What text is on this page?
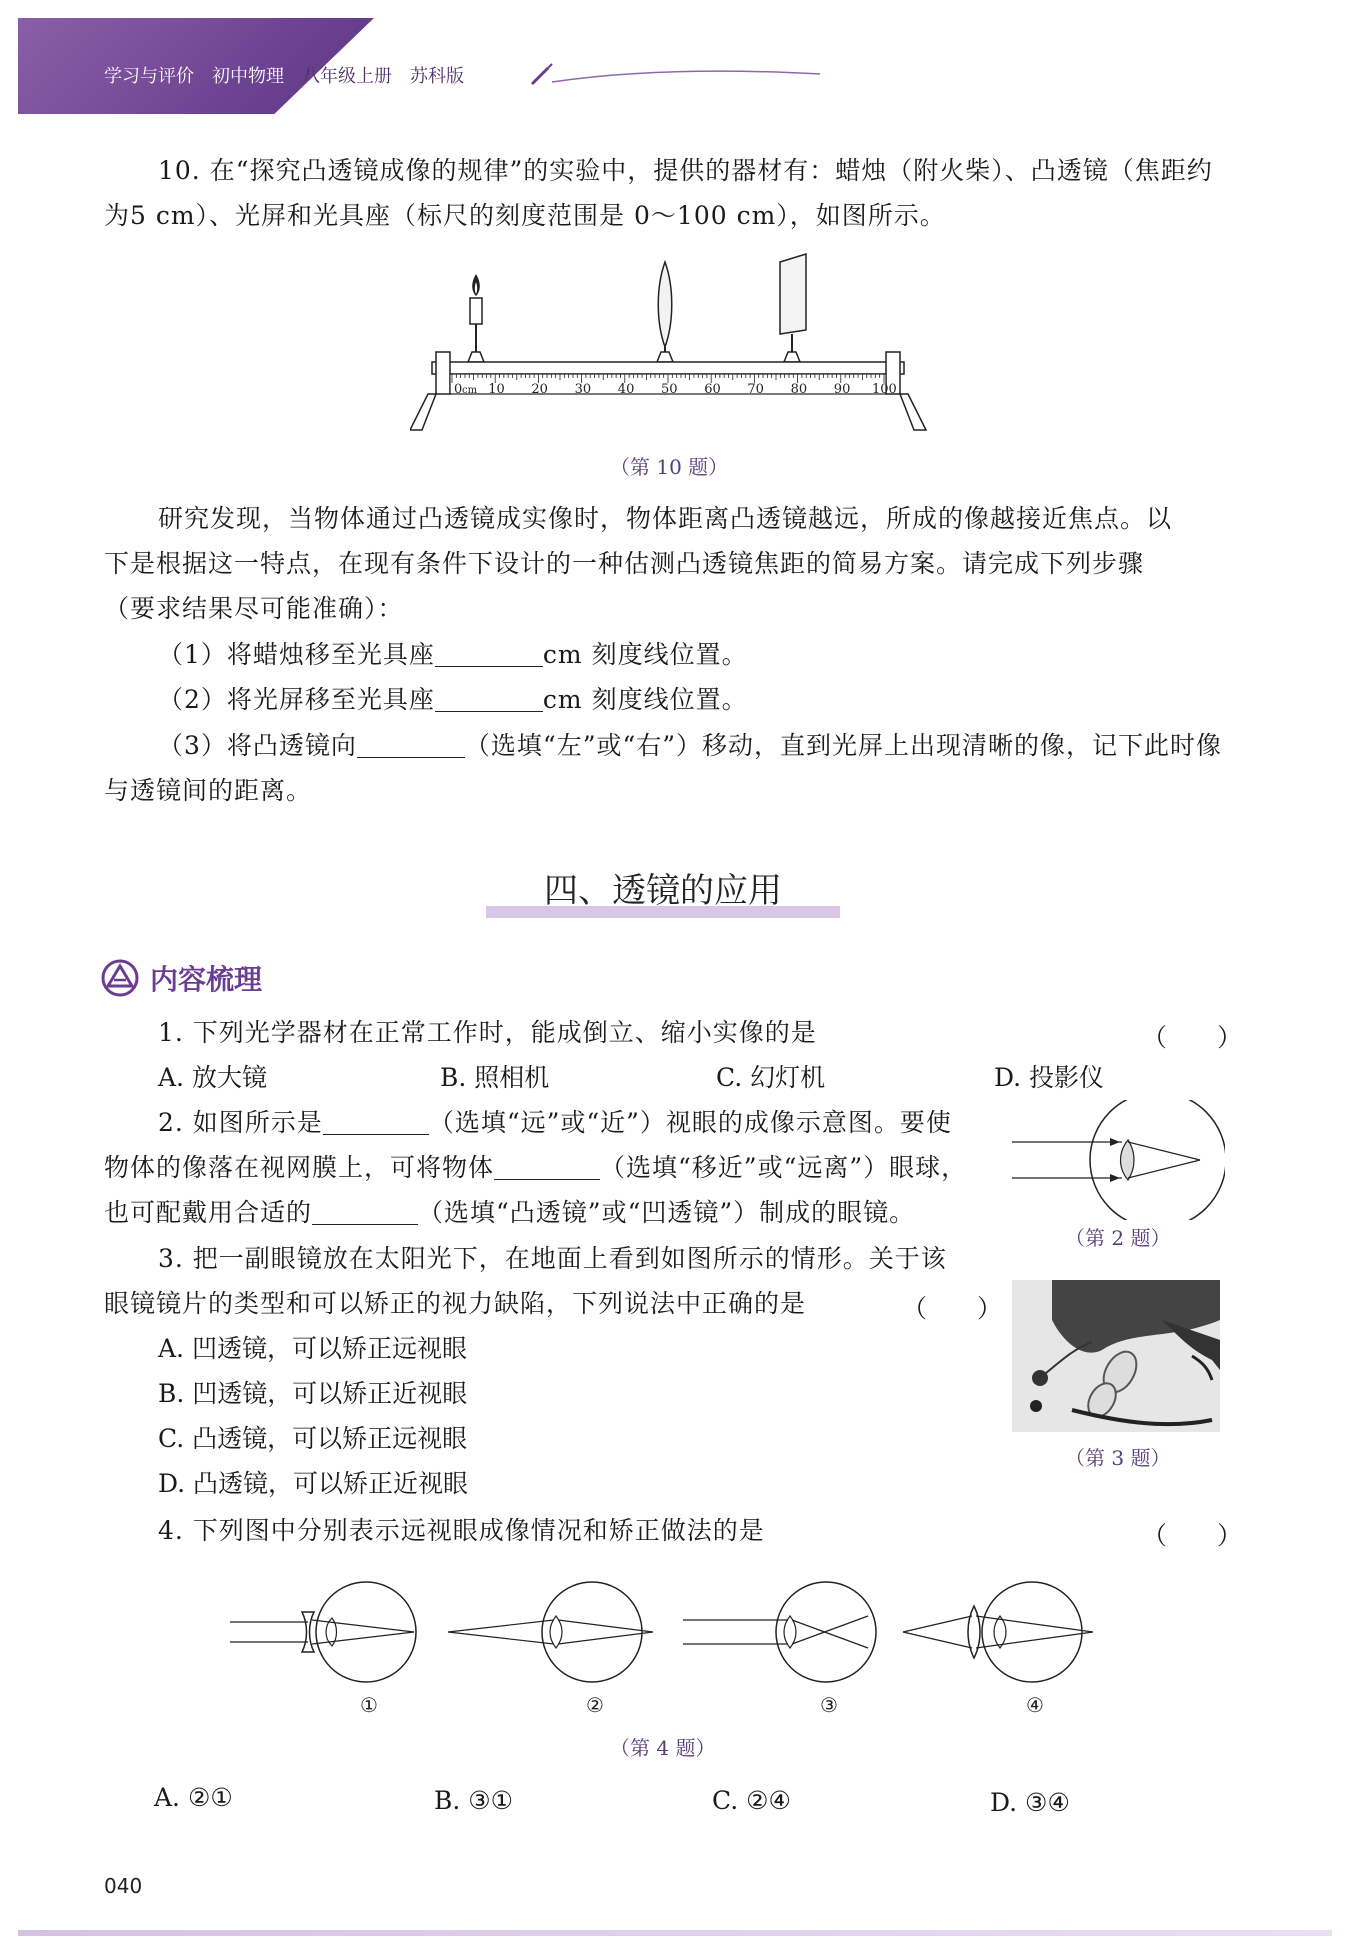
学习与评价 初中物理 八年级上册 苏科版
10. 在“探究凸透镜成像的规律”的实验中，提供的器材有：蜡烛（附火柴）、凸透镜（焦距约
为5 cm）、光屏和光具座（标尺的刻度范围是 0～100 cm），如图所示。
0 cm 10 20 30 40 50 60 70 80 90 100
（第 10 题）
研究发现，当物体通过凸透镜成实像时，物体距离凸透镜越远，所成的像越接近焦点。以
下是根据这一特点，在现有条件下设计的一种估测凸透镜焦距的简易方案。请完成下列步骤
（要求结果尽可能准确）：
（1）将蜡烛移至光具座	cm 刻度线位置。
（2）将光屏移至光具座	cm 刻度线位置。
（3）将凸透镜向	（选填“左”或“右”）移动，直到光屏上出现清晰的像，记下此时像
与透镜间的距离。
四、透镜的应用
内容梳理
1. 下列光学器材在正常工作时，能成倒立、缩小实像的是	（　　）
A. 放大镜	B. 照相机	C. 幻灯机	D. 投影仪
2. 如图所示是	（选填“远”或“近”）视眼的成像示意图。要使
物体的像落在视网膜上，可将物体	（选填“移近”或“远离”）眼球，
也可配戴用合适的	（选填“凸透镜”或“凹透镜”）制成的眼镜。
（第 2 题）
3. 把一副眼镜放在太阳光下，在地面上看到如图所示的情形。关于该
眼镜镜片的类型和可以矫正的视力缺陷，下列说法中正确的是	（　　）
A. 凹透镜，可以矫正远视眼
B. 凹透镜，可以矫正近视眼
C. 凸透镜，可以矫正远视眼
D. 凸透镜，可以矫正近视眼
（第 3 题）
4. 下列图中分别表示远视眼成像情况和矫正做法的是	（　　）
①	②	③	④
（第 4 题）
A. ②①	B. ③①	C. ②④	D. ③④
040
